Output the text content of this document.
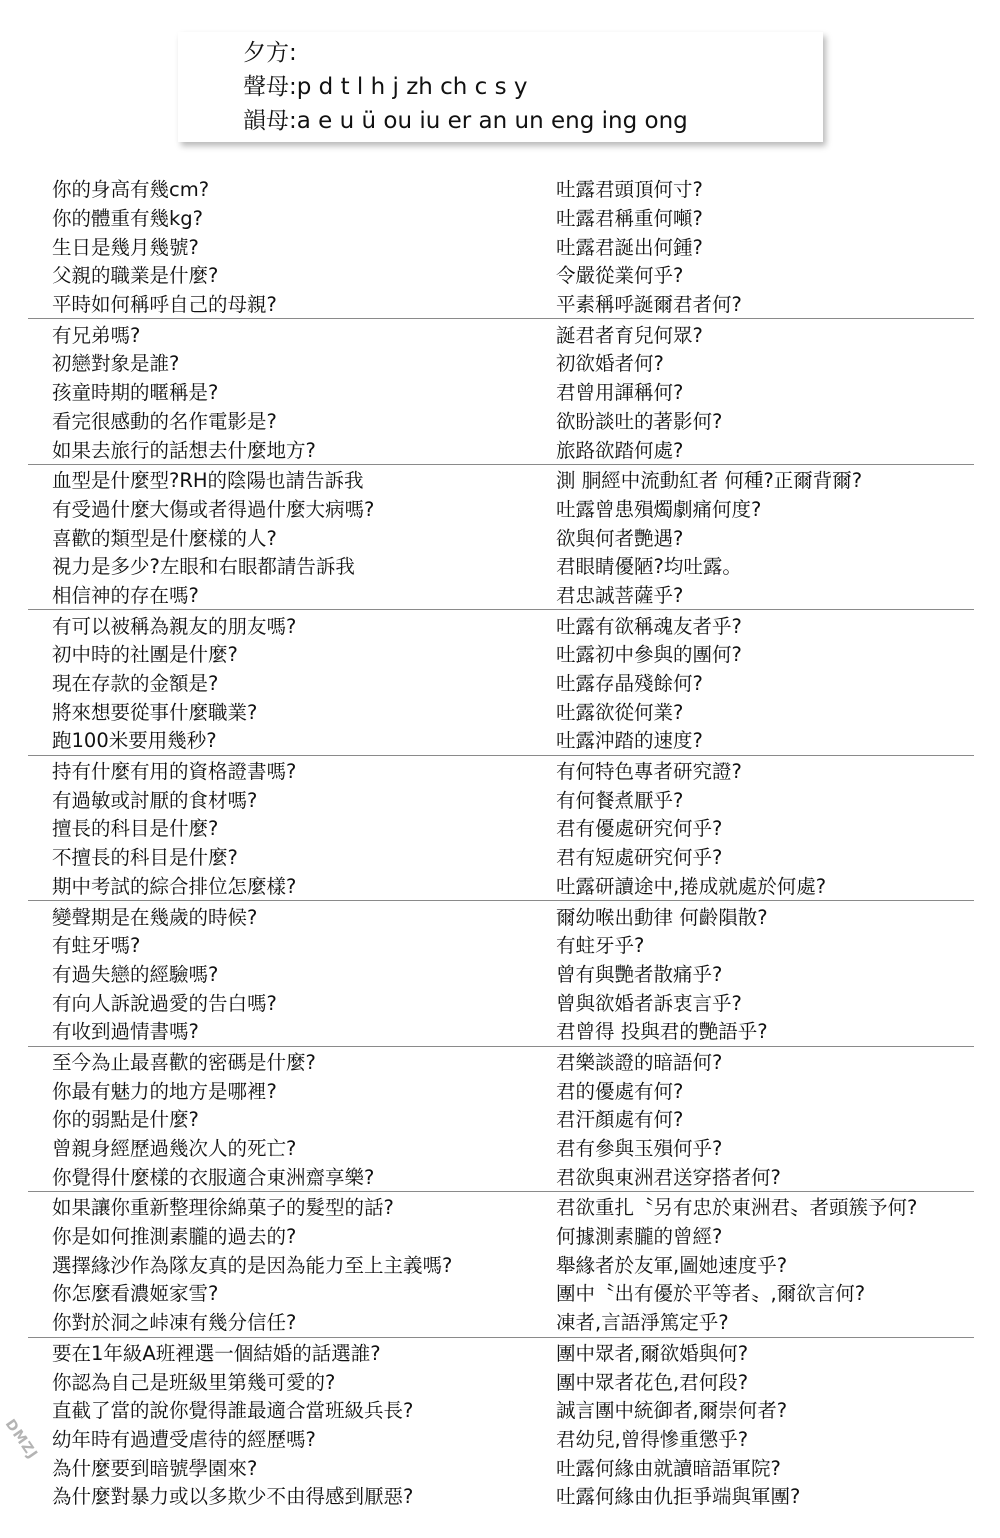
夕方:
聲母:p d t l h j zh ch c s y
韻母:a e u ü ou iu er an un eng ing ong
你的身高有幾cm?	吐露君頭頂何寸?
你的體重有幾kg?	吐露君稱重何噸?
生日是幾月幾號?	吐露君誕出何鍾?
父親的職業是什麼?	令嚴從業何乎?
平時如何稱呼自己的母親?	平素稱呼誕爾君者何?
有兄弟嗎?	誕君者育兒何眾?
初戀對象是誰?	初欲婚者何?
孩童時期的暱稱是?	君曾用諢稱何?
看完很感動的名作電影是?	欲盼談吐的著影何?
如果去旅行的話想去什麼地方?	旅路欲踏何處?
血型是什麼型?RH的陰陽也請告訴我	測 胴經中流動紅者 何種?正爾背爾?
有受過什麼大傷或者得過什麼大病嗎?	吐露曾患殞燭劇痛何度?
喜歡的類型是什麼樣的人?	欲與何者艷遇?
視力是多少?左眼和右眼都請告訴我	君眼睛優陋?均吐露。
相信神的存在嗎?	君忠誠菩薩乎?
有可以被稱為親友的朋友嗎?	吐露有欲稱魂友者乎?
初中時的社團是什麼?	吐露初中參與的團何?
現在存款的金額是?	吐露存晶殘餘何?
將來想要從事什麼職業?	吐露欲從何業?
跑100米要用幾秒?	吐露沖踏的速度?
持有什麼有用的資格證書嗎?	有何特色專者研究證?
有過敏或討厭的食材嗎?	有何餐煮厭乎?
擅長的科目是什麼?	君有優處研究何乎?
不擅長的科目是什麼?	君有短處研究何乎?
期中考試的綜合排位怎麼樣?	吐露研讀途中,捲成就處於何處?
變聲期是在幾歲的時候?	爾幼喉出動律 何齡隕散?
有蛀牙嗎?	有蛀牙乎?
有過失戀的經驗嗎?	曾有與艷者散痛乎?
有向人訴說過愛的告白嗎?	曾與欲婚者訴衷言乎?
有收到過情書嗎?	君曾得 投與君的艷語乎?
至今為止最喜歡的密碼是什麼?	君樂談證的暗語何?
你最有魅力的地方是哪裡?	君的優處有何?
你的弱點是什麼?	君汗顏處有何?
曾親身經歷過幾次人的死亡?	君有參與玉殞何乎?
你覺得什麼樣的衣服適合東洲齋享樂?	君欲與東洲君送穿搭者何?
如果讓你重新整理徐綿菓子的髮型的話?	君欲重扎〝另有忠於東洲君〟者頭簇予何?
你是如何推測素朧的過去的?	何據測素朧的曾經?
選擇緣沙作為隊友真的是因為能力至上主義嗎?	舉緣者於友軍,圖她速度乎?
你怎麼看濃姬家雪?	團中〝出有優於平等者〟,爾欲言何?
你對於洞之峠凍有幾分信任?	凍者,言語淨篤定乎?
要在1年級A班裡選一個結婚的話選誰?	團中眾者,爾欲婚與何?
你認為自己是班級里第幾可愛的?	團中眾者花色,君何段?
直截了當的說你覺得誰最適合當班級兵長?	誠言團中統御者,爾崇何者?
幼年時有過遭受虐待的經歷嗎?	君幼兒,曾得慘重懲乎?
為什麼要到暗號學園來?	吐露何緣由就讀暗語軍院?
為什麼對暴力或以多欺少不由得感到厭惡?	吐露何緣由仇拒爭端與軍團?
DMZJ
